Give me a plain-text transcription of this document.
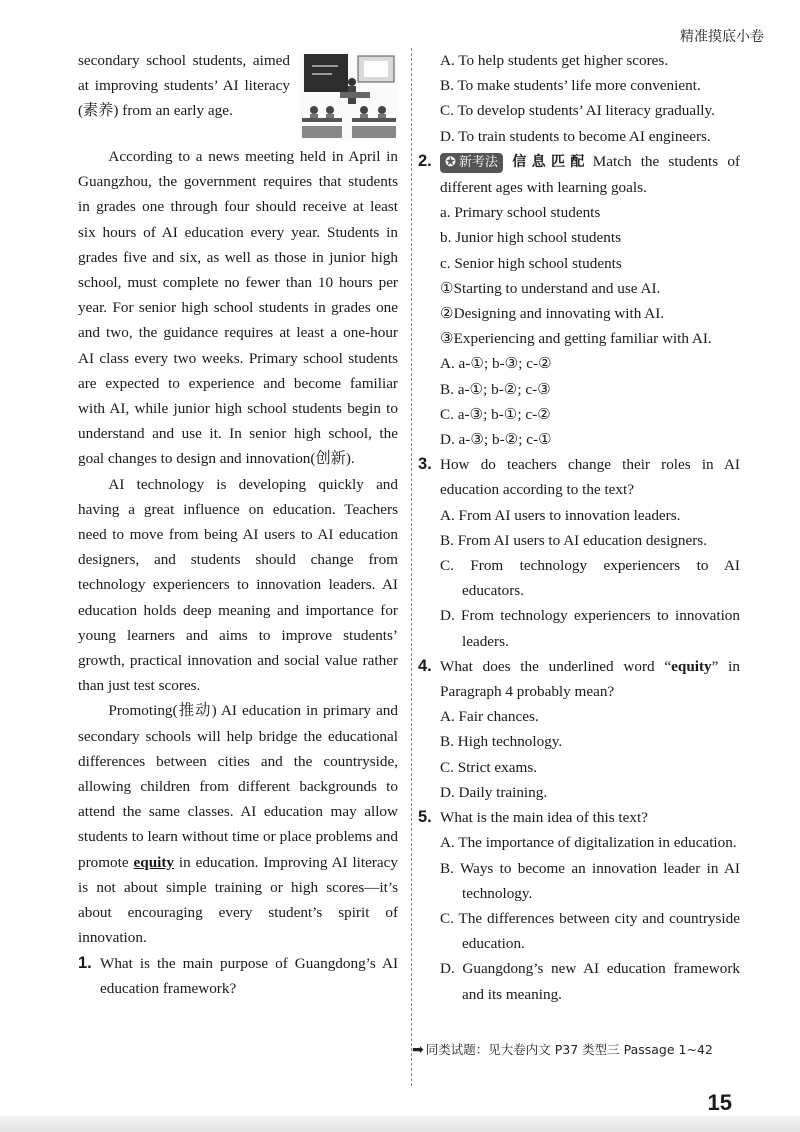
精准摸底小卷

secondary school students, aimed at improving students’ AI literacy (素养) from an early age.

According to a news meeting held in April in Guangzhou, the government requires that students in grades one through four should receive at least six hours of AI education every year. Students in grades five and six, as well as those in junior high school, must complete no fewer than 10 hours per year. For senior high school students in grades one and two, the guidance requires at least a one-hour AI class every two weeks. Primary school students are expected to experience and become familiar with AI, while junior high school students begin to understand and use it. In senior high school, the goal changes to design and innovation(创新).

AI technology is developing quickly and having a great influence on education. Teachers need to move from being AI users to AI education designers, and students should change from technology experiencers to innovation leaders. AI education holds deep meaning and importance for young learners and aims to improve students’ growth, practical innovation and social value rather than just test scores.

Promoting(推动) AI education in primary and secondary schools will help bridge the educational differences between cities and the countryside, allowing children from different backgrounds to attend the same classes. AI education may allow students to learn without time or place problems and promote equity in education. Improving AI literacy is not about simple training or high scores—it’s about encouraging every student’s spirit of innovation.

1. What is the main purpose of Guangdong’s AI education framework?

A. To help students get higher scores.

B. To make students’ life more convenient.

C. To develop students’ AI literacy gradually.

D. To train students to become AI engineers.

2.	✪ 新考法 信息匹配 Match the students of different ages with learning goals.

a. Primary school students

b. Junior high school students

c. Senior high school students

①Starting to understand and use AI.

②Designing and innovating with AI.

③Experiencing and getting familiar with AI.

A. a-①; b-③; c-②

B. a-①; b-②; c-③

C. a-③; b-①; c-②

D. a-③; b-②; c-①

3. How do teachers change their roles in AI education according to the text?

A. From AI users to innovation leaders.

B. From AI users to AI education designers.

C. From technology experiencers to AI educators.

D. From technology experiencers to innovation leaders.

4. What does the underlined word “equity” in Paragraph 4 probably mean?

A. Fair chances.

B. High technology.

C. Strict exams.

D. Daily training.

5. What is the main idea of this text?

A. The importance of digitalization in education.

B. Ways to become an innovation leader in AI technology.

C. The differences between city and countryside education.

D. Guangdong’s new AI education framework and its meaning.

➡ 同类试题：见大卷内文 P37 类型三 Passage 1~42
15
